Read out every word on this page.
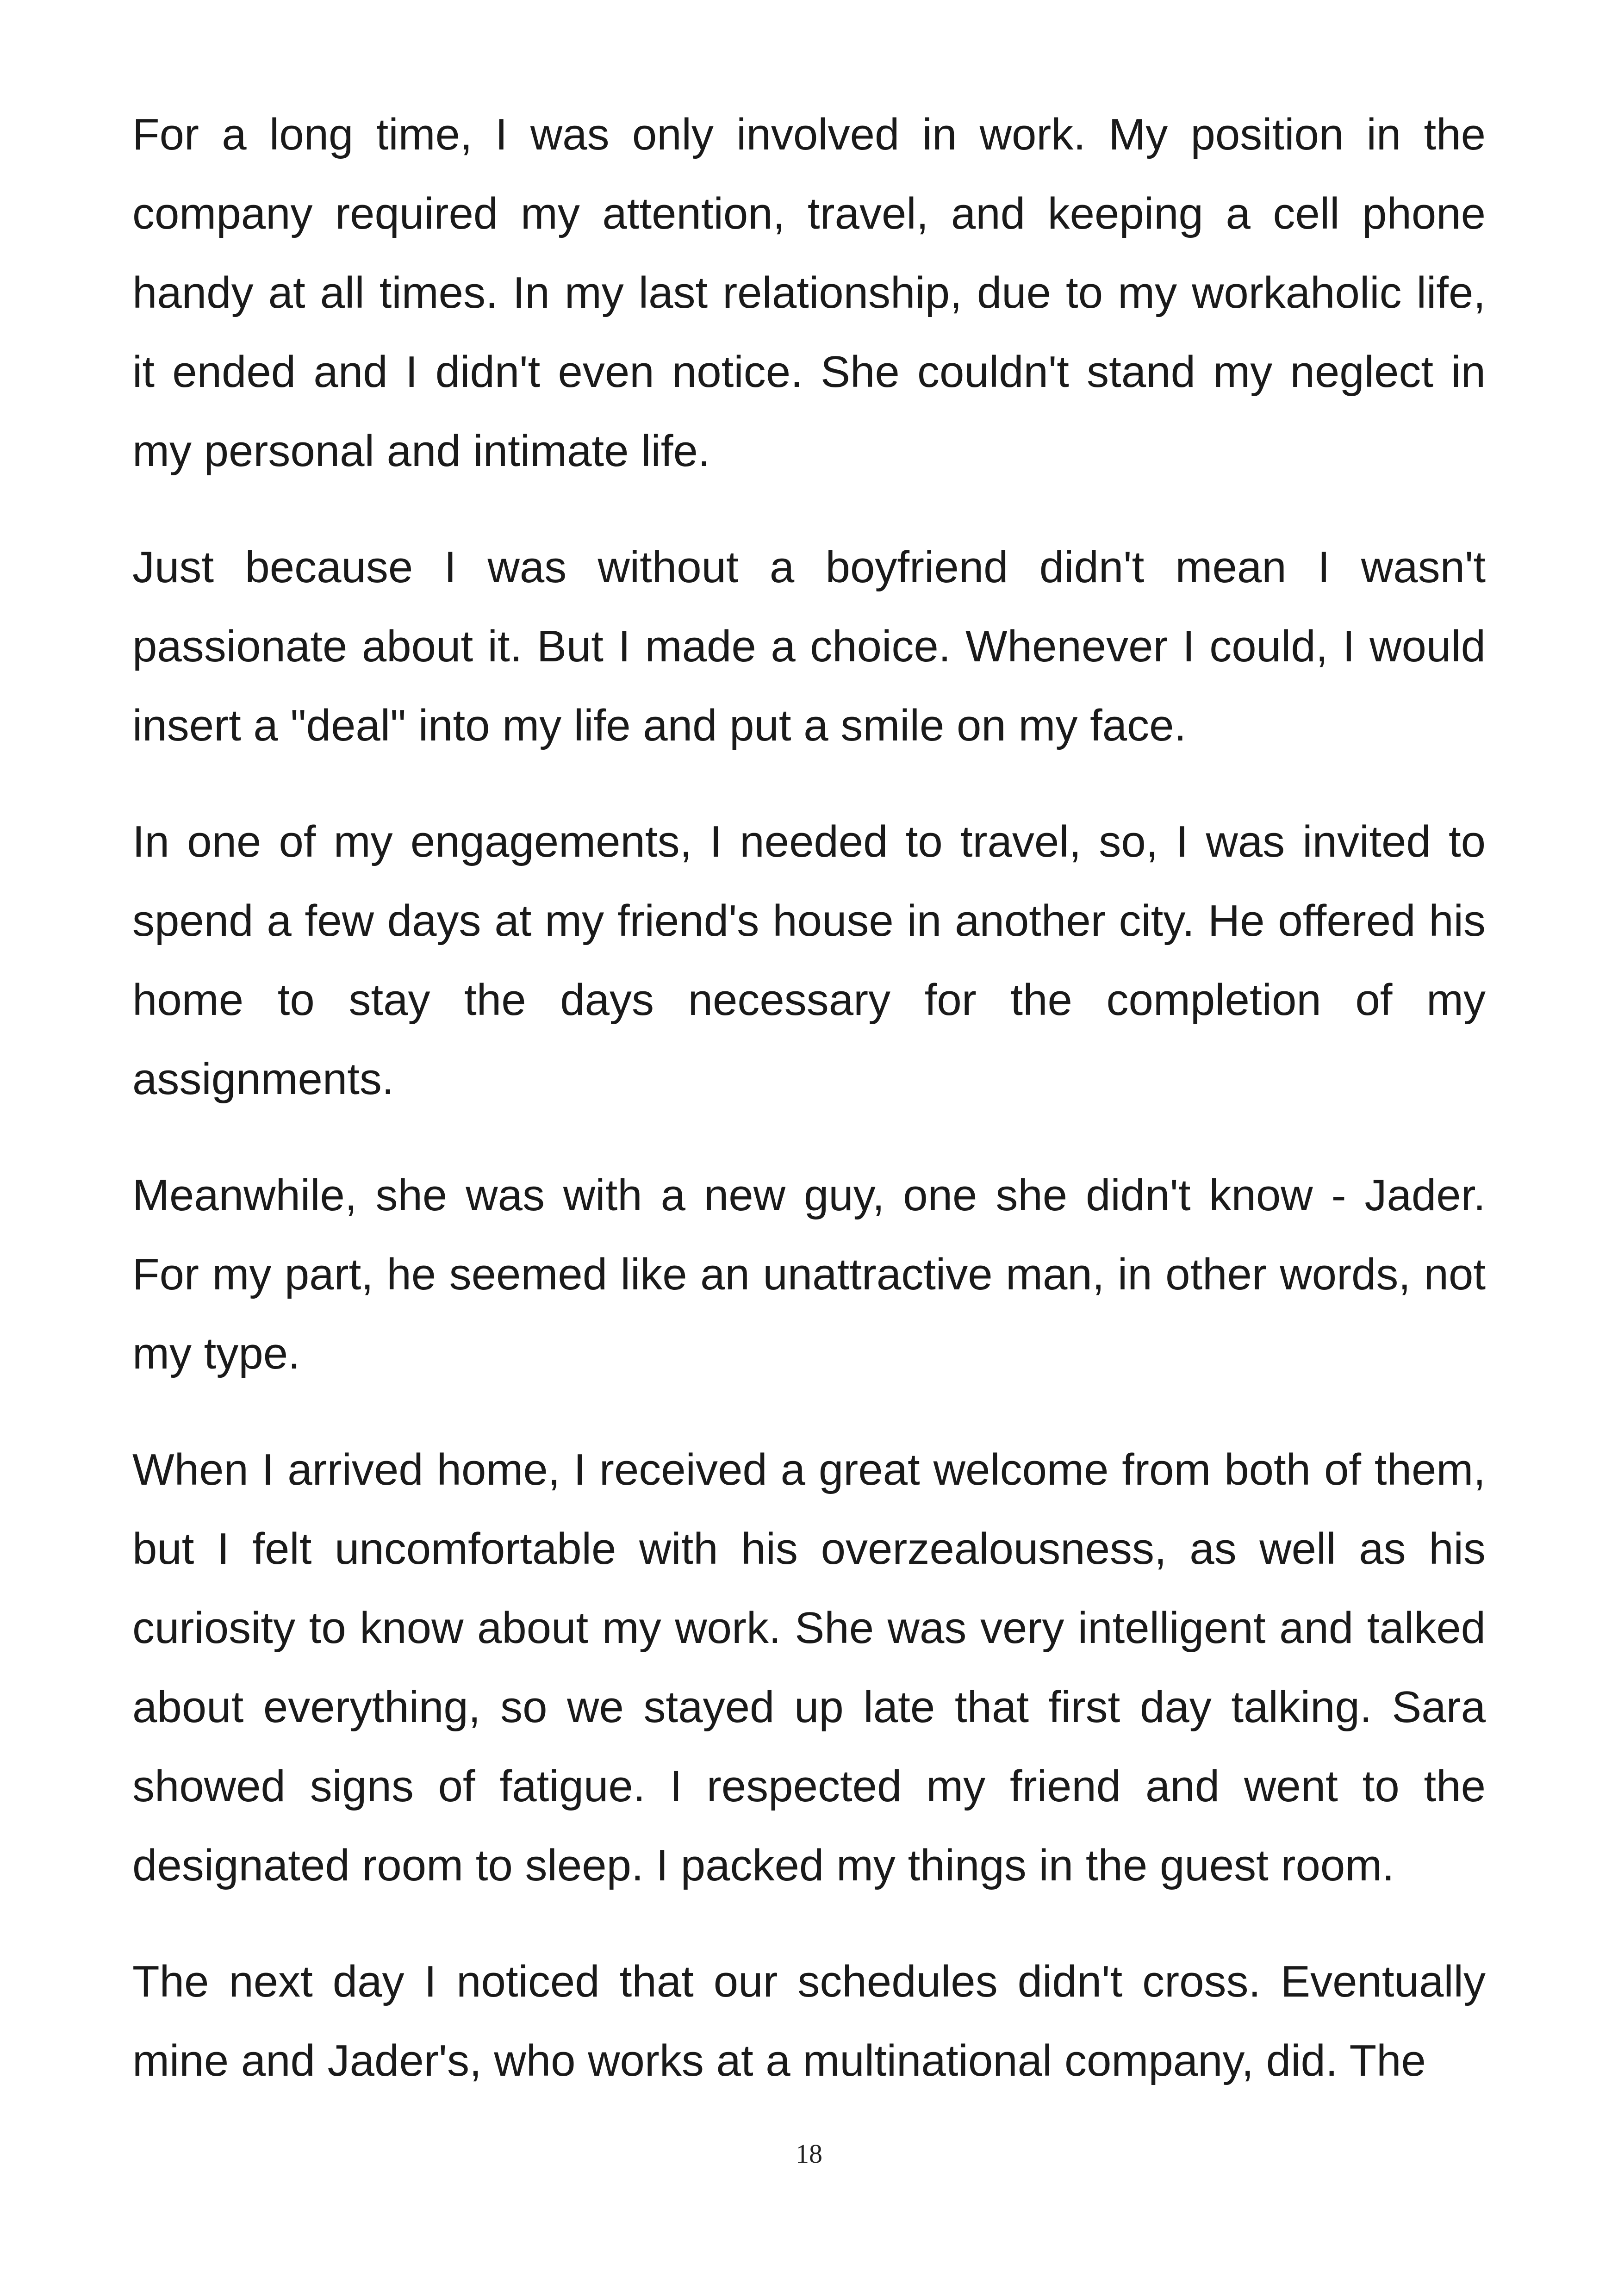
For a long time, I was only involved in work. My position in the company required my attention, travel, and keeping a cell phone handy at all times. In my last relationship, due to my workaholic life, it ended and I didn't even notice. She couldn't stand my neglect in my personal and intimate life.

Just because I was without a boyfriend didn't mean I wasn't passionate about it. But I made a choice. Whenever I could, I would insert a "deal" into my life and put a smile on my face.

In one of my engagements, I needed to travel, so, I was invited to spend a few days at my friend's house in another city. He offered his home to stay the days necessary for the completion of my assignments.

Meanwhile, she was with a new guy, one she didn't know - Jader. For my part, he seemed like an unattractive man, in other words, not my type.

When I arrived home, I received a great welcome from both of them, but I felt uncomfortable with his overzealousness, as well as his curiosity to know about my work. She was very intelligent and talked about everything, so we stayed up late that first day talking. Sara showed signs of fatigue. I respected my friend and went to the designated room to sleep. I packed my things in the guest room.

The next day I noticed that our schedules didn't cross. Eventually mine and Jader's, who works at a multinational company, did. The

18
